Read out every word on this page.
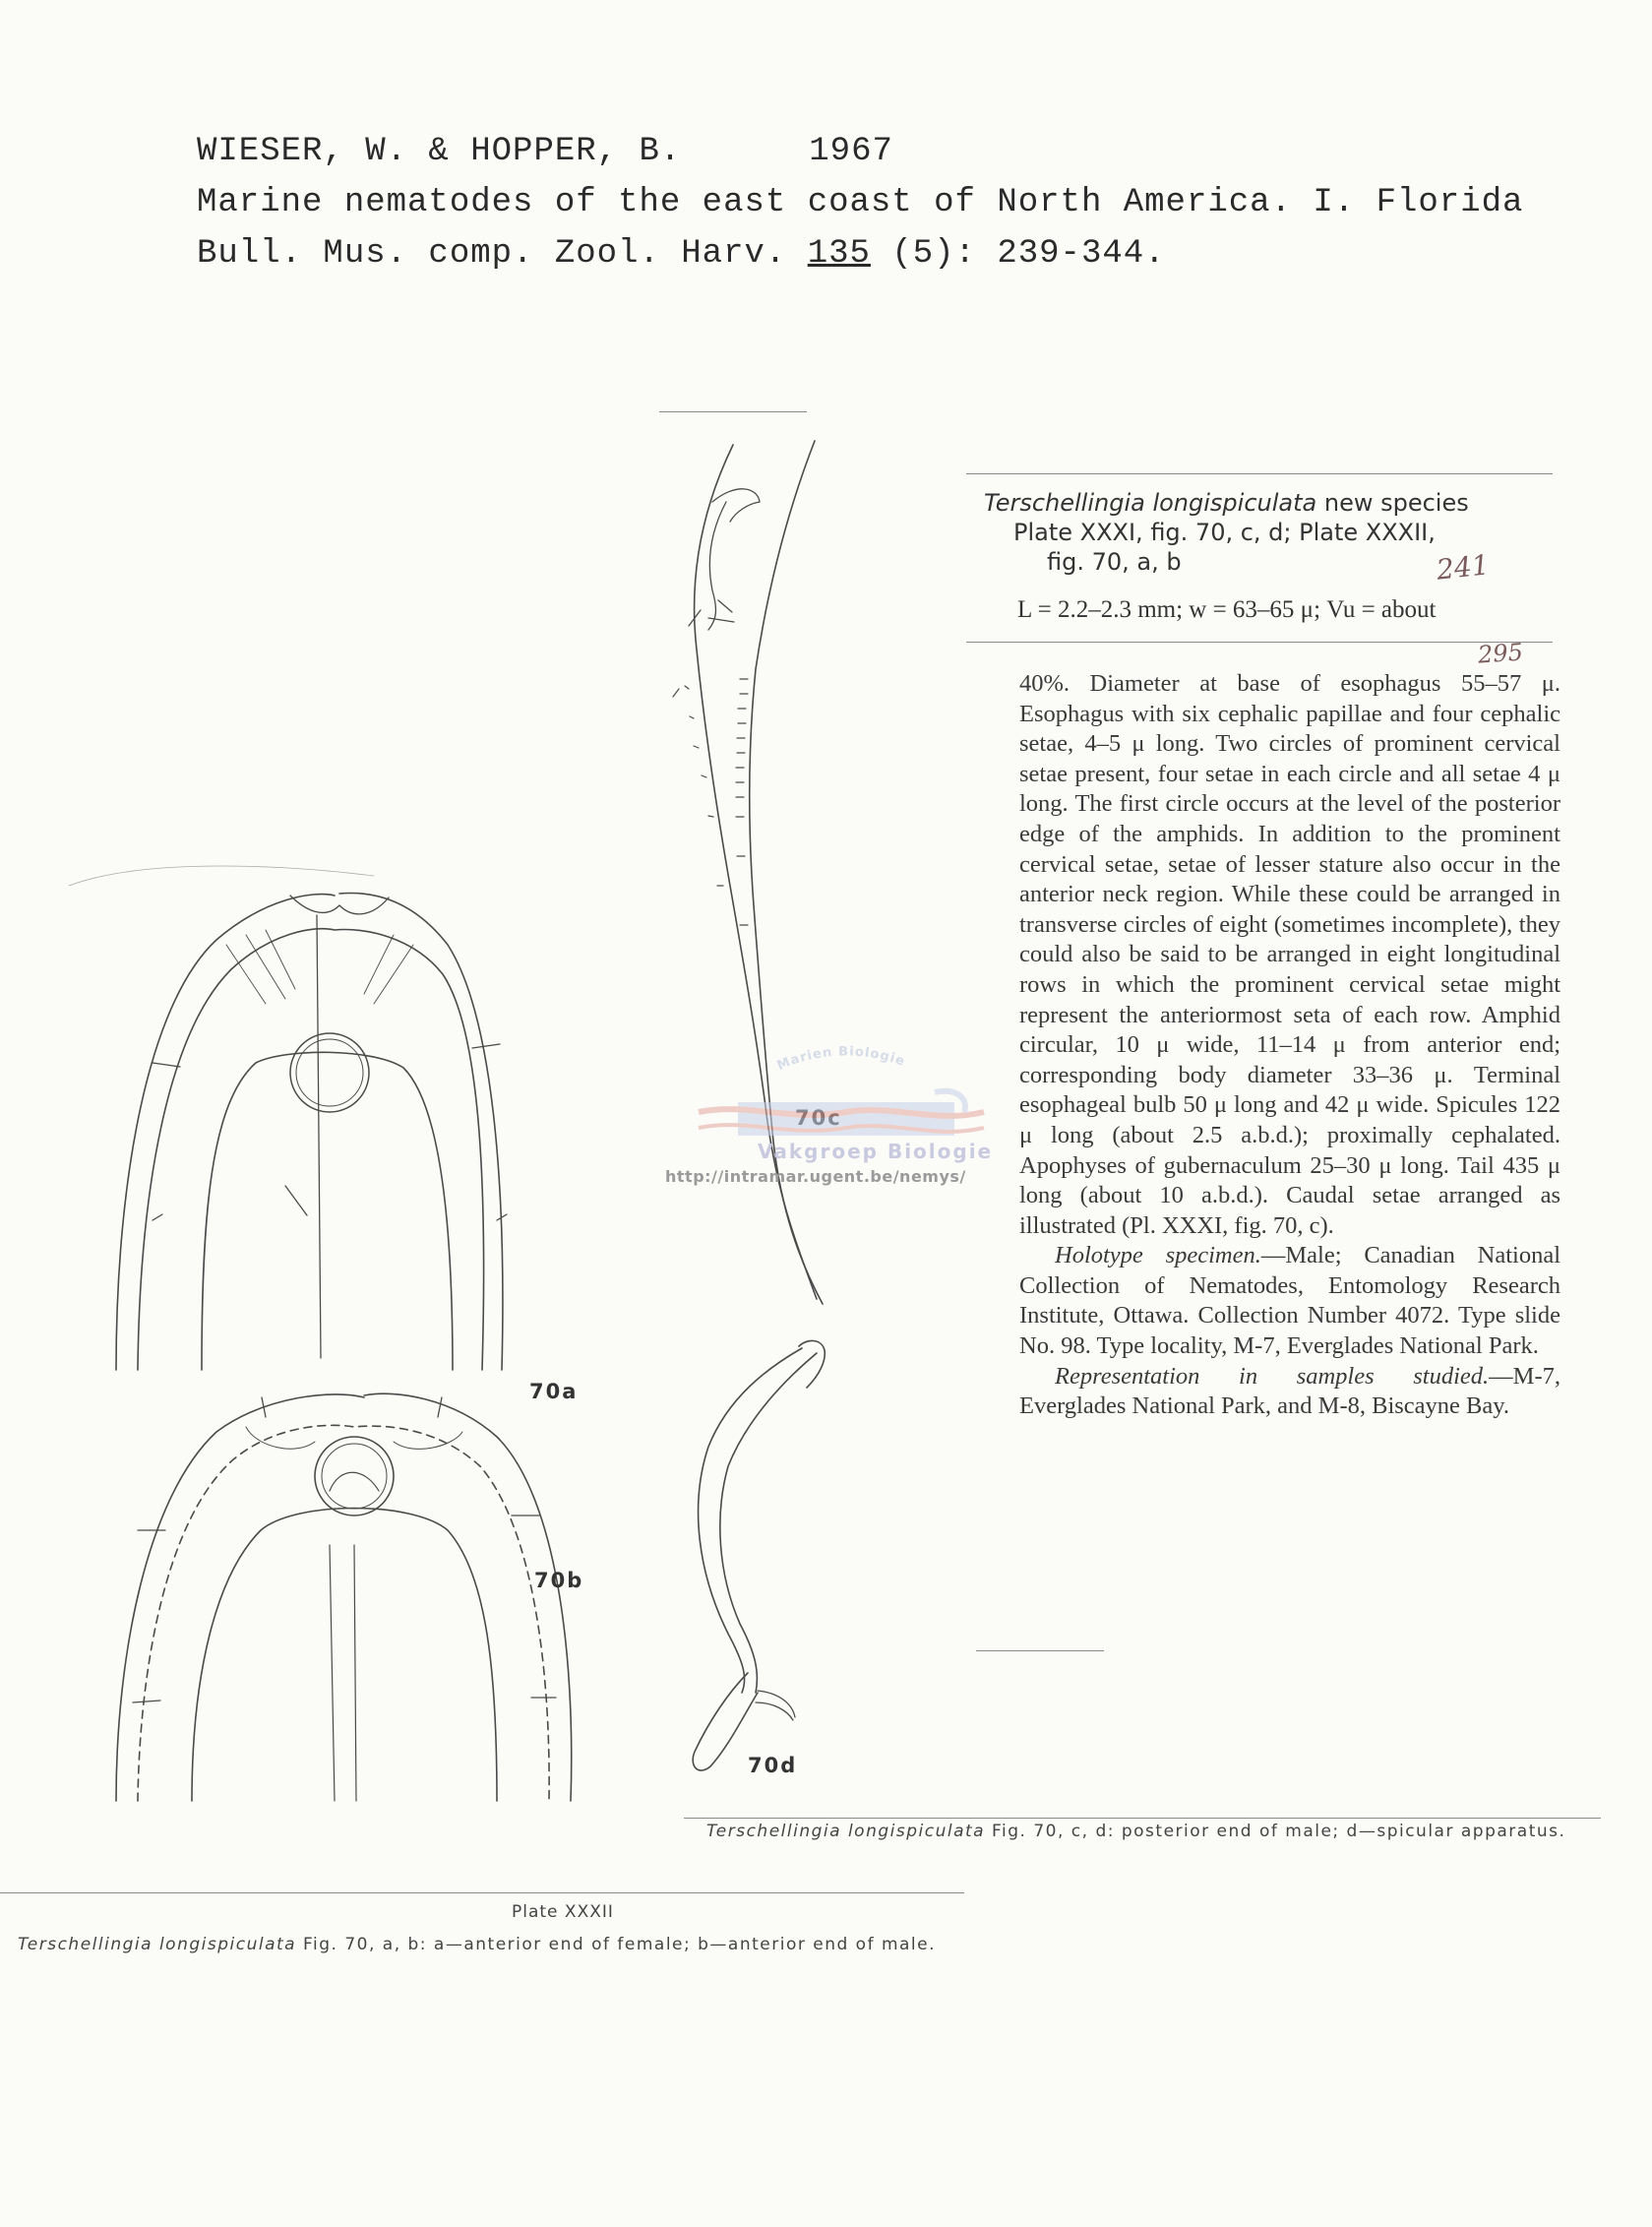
WIESER, W. & HOPPER, B.	1967
Marine nematodes of the east coast of North America. I. Florida
Bull. Mus. comp. Zool. Harv. 135 (5): 239-344.
Terschellingia longispiculata new species
Plate XXXI, fig. 70, c, d; Plate XXXII,
fig. 70, a, b
L = 2.2–2.3 mm; w = 63–65 μ; Vu = about
241
295

40%. Diameter at base of esophagus 55–57 μ. Esophagus with six cephalic papillae and four cephalic setae, 4–5 μ long. Two circles of prominent cervical setae present, four setae in each circle and all setae 4 μ long. The first circle occurs at the level of the posterior edge of the amphids. In addition to the prominent cervical setae, setae of lesser stature also occur in the anterior neck region. While these could be arranged in transverse circles of eight (sometimes incomplete), they could also be said to be arranged in eight longitudinal rows in which the prominent cervical setae might represent the anteriormost seta of each row. Amphid circular, 10 μ wide, 11–14 μ from anterior end; corresponding body diameter 33–36 μ. Terminal esophageal bulb 50 μ long and 42 μ wide. Spicules 122 μ long (about 2.5 a.b.d.); proximally cephalated. Apophyses of gubernaculum 25–30 μ long. Tail 435 μ long (about 10 a.b.d.). Caudal setae arranged as illustrated (Pl. XXXI, fig. 70, c).

Holotype specimen.—Male; Canadian National Collection of Nematodes, Entomology Research Institute, Ottawa. Collection Number 4072. Type slide No. 98. Type locality, M-7, Everglades National Park.

Representation in samples studied.—M-7, Everglades National Park, and M-8, Biscayne Bay.

70a
70b
70d
Marien Biologie
Vakgroep Biologie
http://intramar.ugent.be/nemys/
Terschellingia longispiculata Fig. 70, c, d: posterior end of male; d—spicular apparatus.
Plate XXXII
Terschellingia longispiculata Fig. 70, a, b: a—anterior end of female; b—anterior end of male.
